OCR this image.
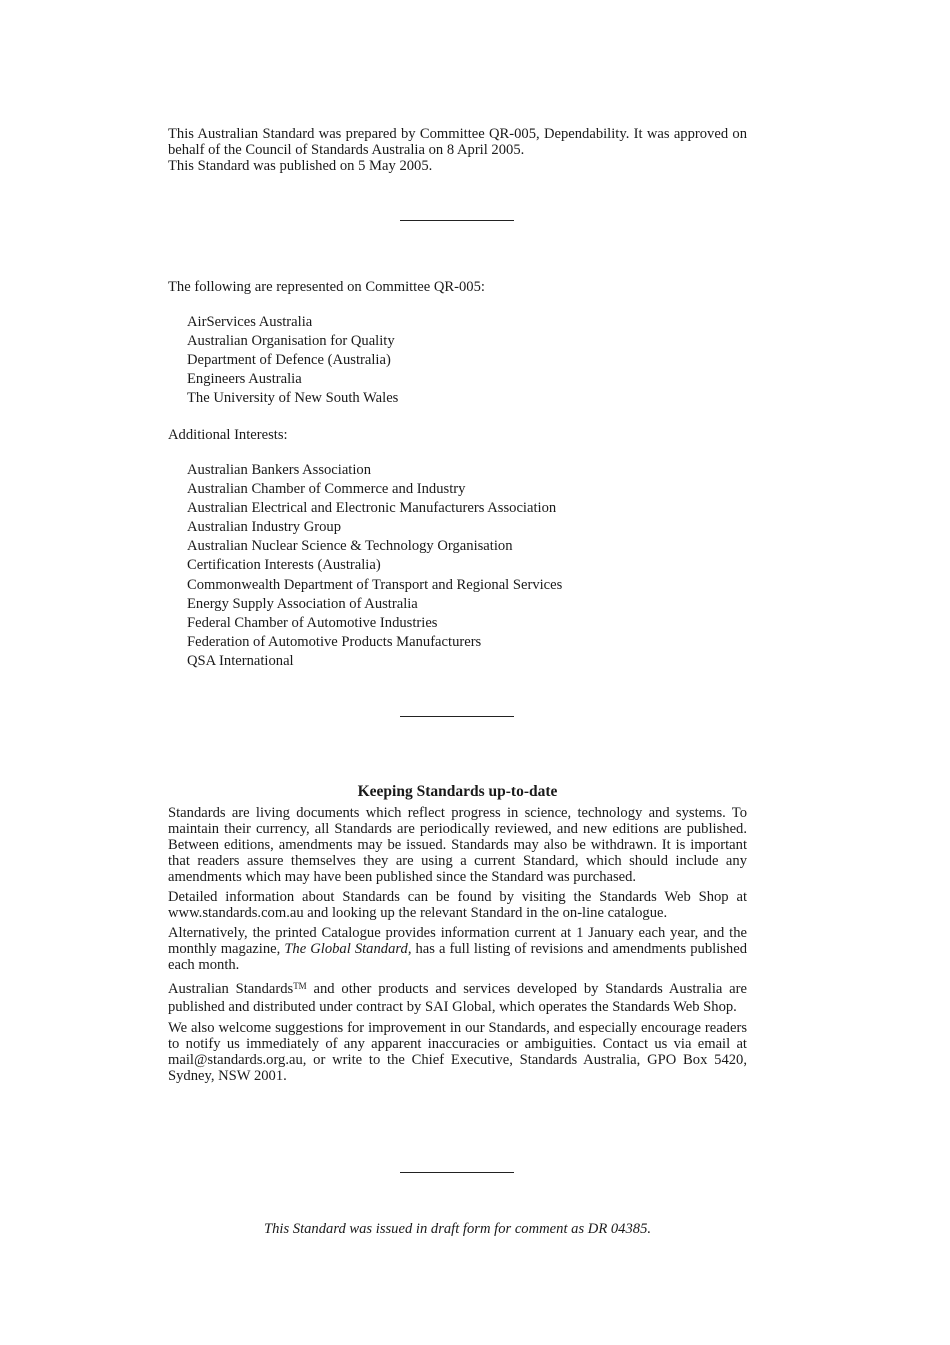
This Australian Standard was prepared by Committee QR-005, Dependability. It was approved on behalf of the Council of Standards Australia on 8 April 2005.

This Standard was published on 5 May 2005.

The following are represented on Committee QR-005:
AirServices Australia
Australian Organisation for Quality
Department of Defence (Australia)
Engineers Australia
The University of New South Wales
Additional Interests:
Australian Bankers Association
Australian Chamber of Commerce and Industry
Australian Electrical and Electronic Manufacturers Association
Australian Industry Group
Australian Nuclear Science & Technology Organisation
Certification Interests (Australia)
Commonwealth Department of Transport and Regional Services
Energy Supply Association of Australia
Federal Chamber of Automotive Industries
Federation of Automotive Products Manufacturers
QSA International
Keeping Standards up-to-date

Standards are living documents which reflect progress in science, technology and systems. To maintain their currency, all Standards are periodically reviewed, and new editions are published. Between editions, amendments may be issued. Standards may also be withdrawn. It is important that readers assure themselves they are using a current Standard, which should include any amendments which may have been published since the Standard was purchased.

Detailed information about Standards can be found by visiting the Standards Web Shop at www.standards.com.au and looking up the relevant Standard in the on-line catalogue.

Alternatively, the printed Catalogue provides information current at 1 January each year, and the monthly magazine, The Global Standard, has a full listing of revisions and amendments published each month.

Australian Standards™ and other products and services developed by Standards Australia are published and distributed under contract by SAI Global, which operates the Standards Web Shop.

We also welcome suggestions for improvement in our Standards, and especially encourage readers to notify us immediately of any apparent inaccuracies or ambiguities. Contact us via email at mail@standards.org.au, or write to the Chief Executive, Standards Australia, GPO Box 5420, Sydney, NSW 2001.

This Standard was issued in draft form for comment as DR 04385.
